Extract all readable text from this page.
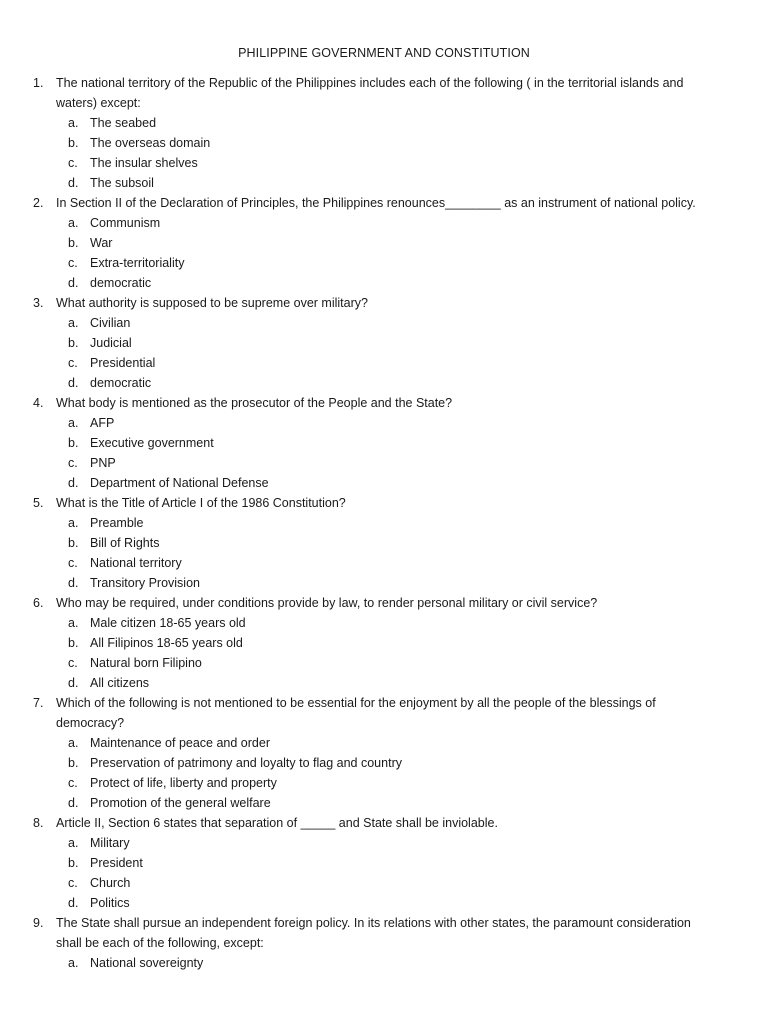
PHILIPPINE GOVERNMENT AND CONSTITUTION
1.	The national territory of the Republic of the Philippines includes each of the following ( in the territorial islands and waters) except:
a. The seabed
b. The overseas domain
c. The insular shelves
d. The subsoil
2.	In Section II of the Declaration of Principles, the Philippines renounces________ as an instrument of national policy.
a. Communism
b. War
c. Extra-territoriality
d. democratic
3.	What authority is supposed to be supreme over military?
a. Civilian
b. Judicial
c. Presidential
d. democratic
4.	What body is mentioned as the prosecutor of the People and the State?
a. AFP
b. Executive government
c. PNP
d. Department of National Defense
5.	What is the Title of Article I of the 1986 Constitution?
a. Preamble
b. Bill of Rights
c. National territory
d. Transitory Provision
6.	Who may be required, under conditions provide by law, to render personal military or civil service?
a. Male citizen 18-65 years old
b. All Filipinos 18-65 years old
c. Natural born Filipino
d. All citizens
7.	Which of the following is not mentioned to be essential for the enjoyment by all the people of the blessings of democracy?
a. Maintenance of peace and order
b. Preservation of patrimony and loyalty to flag and country
c. Protect of life, liberty and property
d. Promotion of the general welfare
8.	Article II, Section 6 states that separation of _____ and State shall be inviolable.
a. Military
b. President
c. Church
d. Politics
9.	The State shall pursue an independent foreign policy. In its relations with other states, the paramount consideration shall be each of the following, except:
a. National sovereignty
